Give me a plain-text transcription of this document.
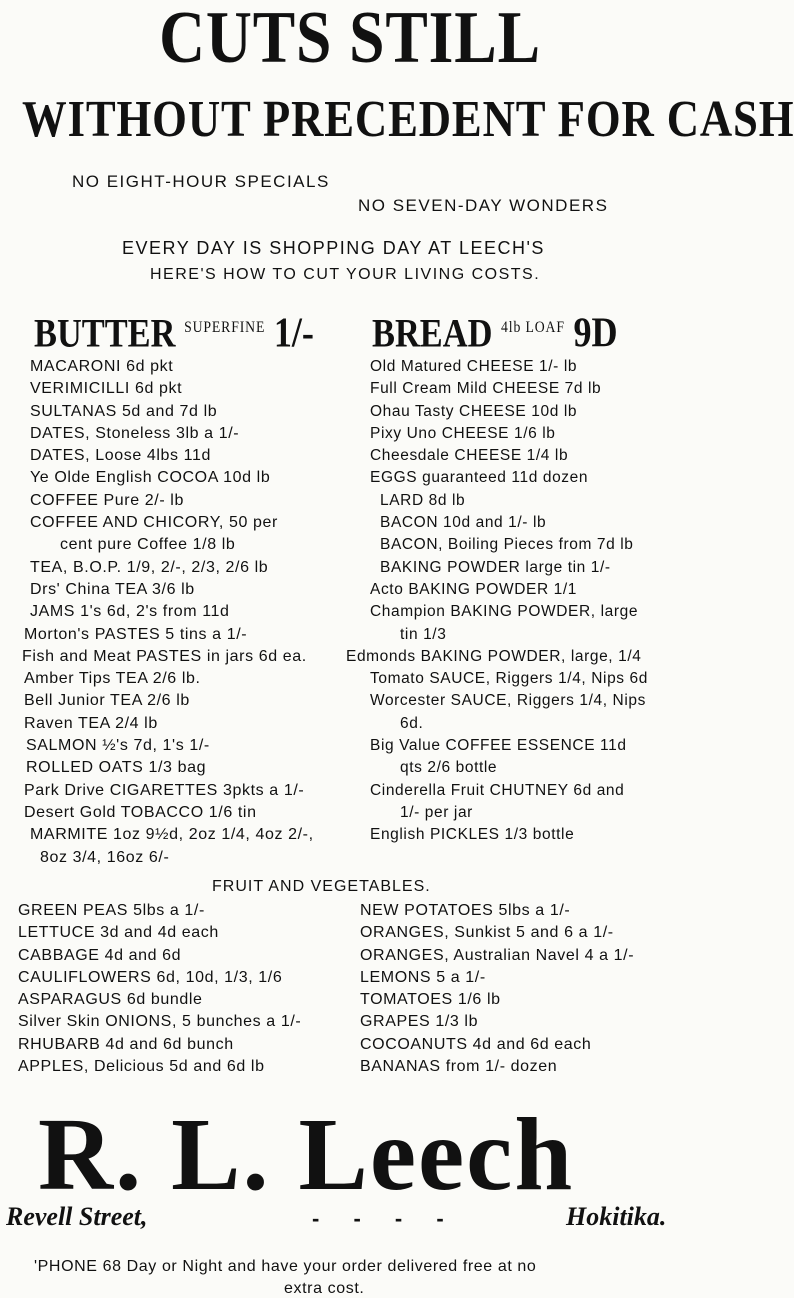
CUTS STILL
WITHOUT PRECEDENT FOR CASH
NO EIGHT-HOUR SPECIALS
NO SEVEN-DAY WONDERS
EVERY DAY IS SHOPPING DAY AT LEECH'S
HERE'S HOW TO CUT YOUR LIVING COSTS.
BUTTER $^{SUPERFINE}$ 1/- BREAD $^{4lb LOAF}$ 9D
MACARONI 6d pkt
VERIMICILLI 6d pkt
SULTANAS 5d and 7d lb
DATES, Stoneless 3lb a 1/-
DATES, Loose 4lbs 11d
Ye Olde English COCOA 10d lb
COFFEE Pure 2/- lb
COFFEE AND CHICORY, 50 per
cent pure Coffee 1/8 lb
TEA, B.O.P. 1/9, 2/-, 2/3, 2/6 lb
Drs' China TEA 3/6 lb
JAMS 1's 6d, 2's from 11d
Morton's PASTES 5 tins a 1/-
Fish and Meat PASTES in jars 6d ea.
Amber Tips TEA 2/6 lb.
Bell Junior TEA 2/6 lb
Raven TEA 2/4 lb
SALMON ½'s 7d, 1's 1/-
ROLLED OATS 1/3 bag
Park Drive CIGARETTES 3pkts a 1/-
Desert Gold TOBACCO 1/6 tin
MARMITE 1oz 9½d, 2oz 1/4, 4oz 2/-,
8oz 3/4, 16oz 6/-
Old Matured CHEESE 1/- lb
Full Cream Mild CHEESE 7d lb
Ohau Tasty CHEESE 10d lb
Pixy Uno CHEESE 1/6 lb
Cheesdale CHEESE 1/4 lb
EGGS guaranteed 11d dozen
LARD 8d lb
BACON 10d and 1/- lb
BACON, Boiling Pieces from 7d lb
BAKING POWDER large tin 1/-
Acto BAKING POWDER 1/1
Champion BAKING POWDER, large
tin 1/3
Edmonds BAKING POWDER, large, 1/4
Tomato SAUCE, Riggers 1/4, Nips 6d
Worcester SAUCE, Riggers 1/4, Nips
6d.
Big Value COFFEE ESSENCE 11d
qts 2/6 bottle
Cinderella Fruit CHUTNEY 6d and
1/- per jar
English PICKLES 1/3 bottle
FRUIT AND VEGETABLES.
GREEN PEAS 5lbs a 1/-
LETTUCE 3d and 4d each
CABBAGE 4d and 6d
CAULIFLOWERS 6d, 10d, 1/3, 1/6
ASPARAGUS 6d bundle
Silver Skin ONIONS, 5 bunches a 1/-
RHUBARB 4d and 6d bunch
APPLES, Delicious 5d and 6d lb
NEW POTATOES 5lbs a 1/-
ORANGES, Sunkist 5 and 6 a 1/-
ORANGES, Australian Navel 4 a 1/-
LEMONS 5 a 1/-
TOMATOES 1/6 lb
GRAPES 1/3 lb
COCOANUTS 4d and 6d each
BANANAS from 1/- dozen
R. L. Leech
Revell Street,	- - - -	Hokitika.
'PHONE 68 Day or Night and have your order delivered free at no
extra cost.
